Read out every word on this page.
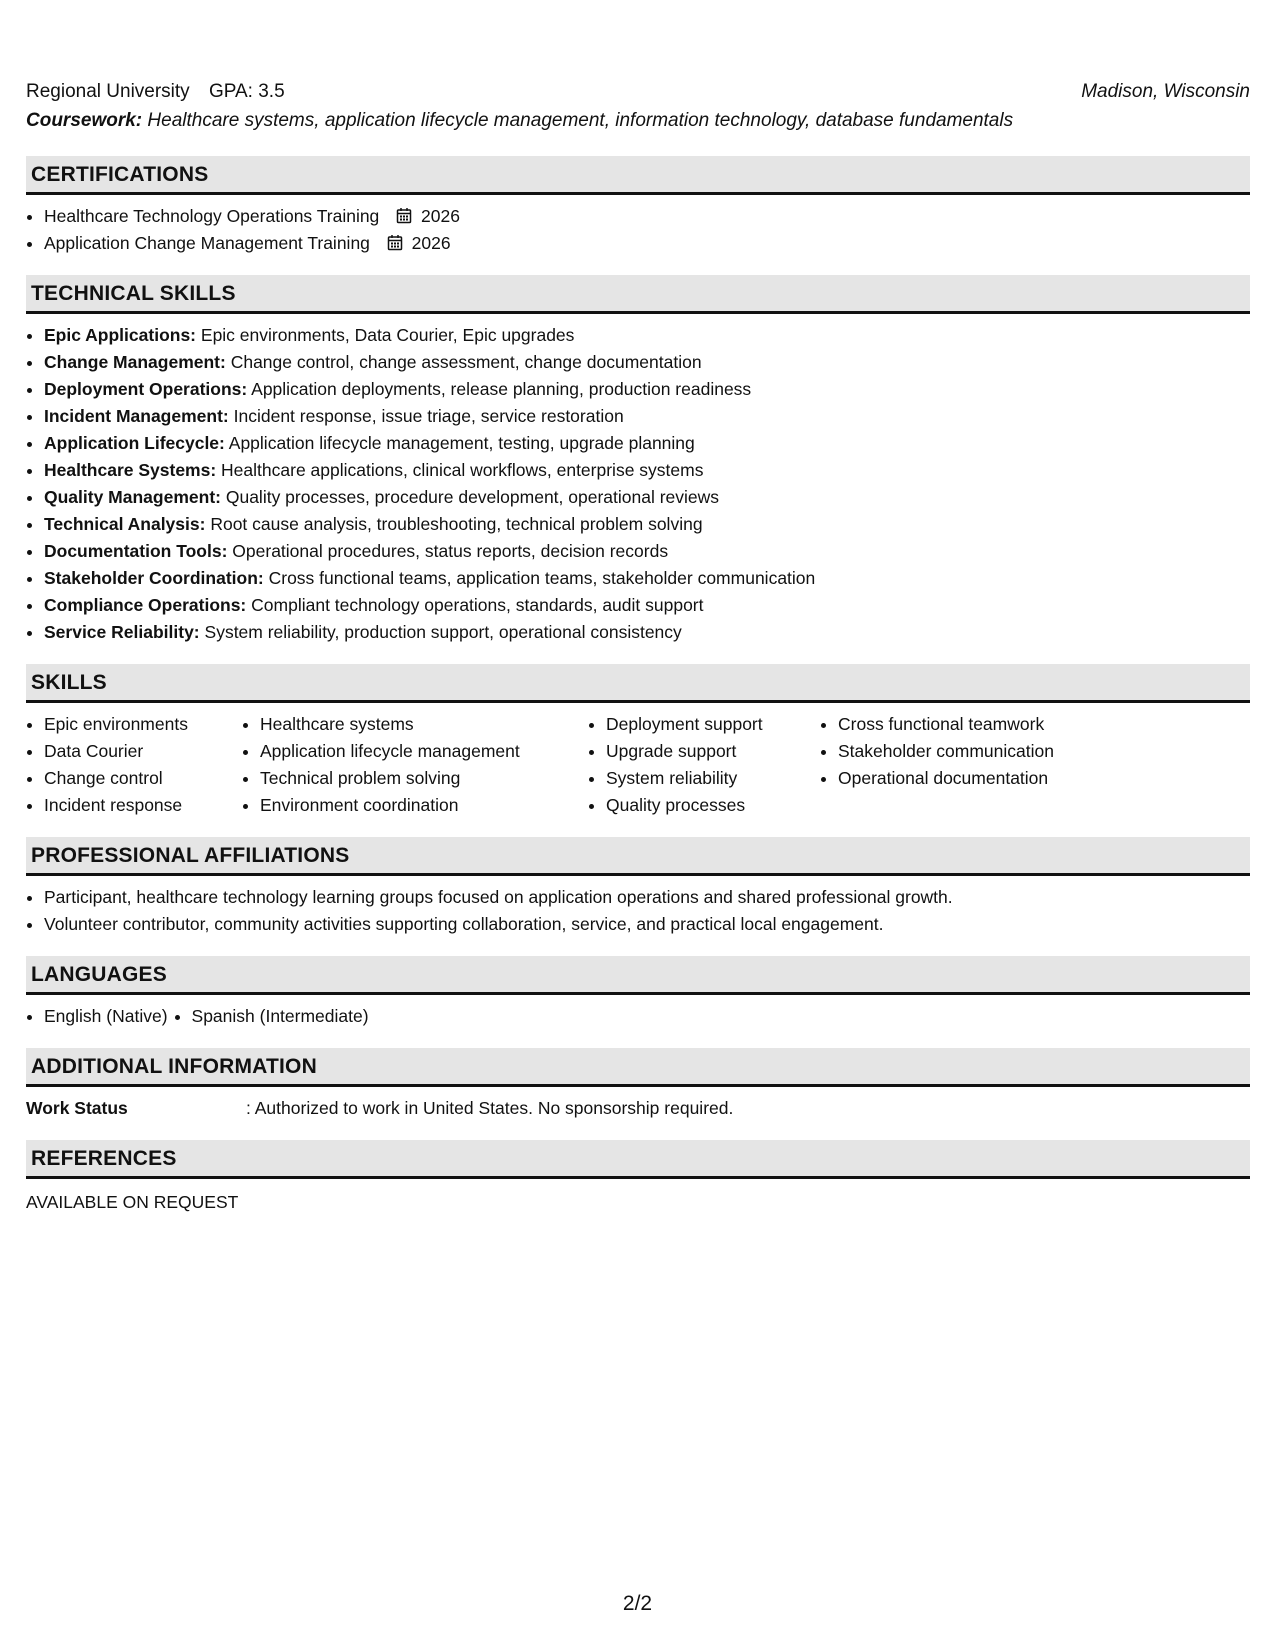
Regional University GPA: 3.5	Madison, Wisconsin
Coursework: Healthcare systems, application lifecycle management, information technology, database fundamentals
CERTIFICATIONS
• Healthcare Technology Operations Training 2026
• Application Change Management Training 2026
TECHNICAL SKILLS
• Epic Applications: Epic environments, Data Courier, Epic upgrades
• Change Management: Change control, change assessment, change documentation
• Deployment Operations: Application deployments, release planning, production readiness
• Incident Management: Incident response, issue triage, service restoration
• Application Lifecycle: Application lifecycle management, testing, upgrade planning
• Healthcare Systems: Healthcare applications, clinical workflows, enterprise systems
• Quality Management: Quality processes, procedure development, operational reviews
• Technical Analysis: Root cause analysis, troubleshooting, technical problem solving
• Documentation Tools: Operational procedures, status reports, decision records
• Stakeholder Coordination: Cross functional teams, application teams, stakeholder communication
• Compliance Operations: Compliant technology operations, standards, audit support
• Service Reliability: System reliability, production support, operational consistency
SKILLS
• Epic environments
• Data Courier
• Change control
• Incident response
• Healthcare systems
• Application lifecycle management
• Technical problem solving
• Environment coordination
• Deployment support
• Upgrade support
• System reliability
• Quality processes
• Cross functional teamwork
• Stakeholder communication
• Operational documentation
PROFESSIONAL AFFILIATIONS
• Participant, healthcare technology learning groups focused on application operations and shared professional growth.
• Volunteer contributor, community activities supporting collaboration, service, and practical local engagement.
LANGUAGES
• English (Native)
• Spanish (Intermediate)
ADDITIONAL INFORMATION
Work Status	: Authorized to work in United States. No sponsorship required.
REFERENCES
AVAILABLE ON REQUEST
2/2
